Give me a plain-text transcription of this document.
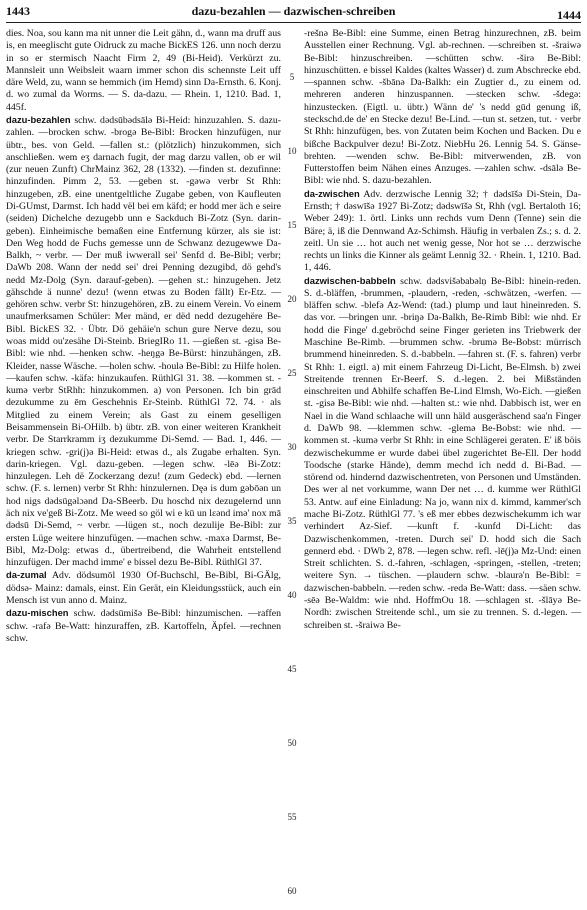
1443	dazu-bezahlen — dazwischen-schreiben	1444

dies. Noa, sou kann ma nit unner die Leit gähn, d., wann ma druff aus is, en meeglischt gute Oidruck zu mache BickES 126. unn noch derzu in so er stermisch Naacht Firm 2, 49 (Bi-Heid). Verkürzt zu. Mannsleit unn Weibsleit waarn immer schon dis schennste Leit uff däre Weld, zu, wann se hemmich (im Hemd) sinn Da-Ernsth. 6. Konj. d. wo zumal da Worms. — S. da-dazu. — Rhein. 1, 1210. Bad. 1, 445f.

dazu-bezahlen schw. dədsūbədsālə Bi-Heid: hinzuzahlen. S. dazu-zahlen. —brocken schw. -brogə Be-Bibl: Brocken hinzufügen, nur übtr., bes. von Geld. —fallen st.: (plötzlich) hinzukommen, sich anschließen. wem eʒ darnach fugit, der mag darzu vallen, ob er wil (zur neuen Zunft) ChrMainz 362, 28 (1332). —finden st. dezufinne: hinzufinden. Pimm 2, 53. —geben st. -gəwə verbr St Rhh: hinzugeben, zB. eine unentgeltliche Zugabe geben, von Kaufleuten Di-GUmst, Darmst. Ich hadd vël bei em käfd; er hodd mer äch e seire (seiden) Dichelche dezugebb unn e Sackduch Bi-Zotz (Syn. darin-geben). Einheimische bemaßen eine Entfernung kürzer, als sie ist: Den Weg hodd de Fuchs gemesse unn de Schwanz dezugewwe Da-Balkh, ~ verbr. — Der muß iwwerall sei' Senfd d. Be-Bibl; verbr; DaWb 208. Wann der nedd sei' drei Penning dezugibd, dö gehd's nedd Mz-Dolg (Syn. darauf-geben). —gehen st.: hinzugehen. Jetz gähschde ä nunne' dezu! (wenn etwas zu Boden fällt) Er-Etz. —gehören schw. verbr St: hinzugehören, zB. zu einem Verein. Vo einem unaufmerksamen Schüler: Mer mänd, er dëd nedd dezugehëre Be-Bibl. BickES 32. · Übtr. Dö gehäie'n schun gure Nerve dezu, sou woas midd ou'zesähe Di-Steinb. BriegIRo 11. —gießen st. -gisə Be-Bibl: wie nhd. —henken schw. -heŋgə Be-Bürst: hinzuhängen, zB. Kleider, nasse Wäsche. —holen schw. -houlə Be-Bibl: zu Hilfe holen. —kaufen schw. -käfə: hinzukaufen. RüthlGl 31. 38. —kommen st. -kumə verbr StRhh: hinzukommen. a) von Personen. Ich bin grād dezukumme zu ēm Geschehnis Er-Steinb. RüthlGl 72. 74. · als Mitglied zu einem Verein; als Gast zu einem geselligen Beisammensein Bi-OHilb. b) übtr. zB. von einer weiteren Krankheit verbr. De Starrkramm iʒ dezukumme Di-Semd. — Bad. 1, 446. —kriegen schw. -gri(j)ə Bi-Heid: etwas d., als Zugabe erhalten. Syn. darin-kriegen. Vgl. dazu-geben. —legen schw. -lēə Bi-Zotz: hinzulegen. Leh dë Zockerzang dezu! (zum Gedeck) ebd. —lernen schw. (F. s. lernen) verbr St Rhh: hinzulernen. Dęə is dum gəbōən un hod nigs dədsūgəlɔənd Da-SBeerb. Du hoschd nix dezugelernd unn äch nix ve'geß Bi-Zotz. Me weed so göl wi e kū un lɛənd imə' nox mā dədsū Di-Semd, ~ verbr. —lügen st., noch dezulije Be-Bibl: zur ersten Lüge weitere hinzufügen. —machen schw. -maxə Darmst, Be-Bibl, Mz-Dolg: etwas d., übertreibend, die Wahrheit entstellend hinzufügen. Der machd imme' e bissel dezu Be-Bibl. RüthlGl 37.

da-zumal Adv. dödsumōl 1930 Of-Buchschl, Be-Bibl, Bi-GÄlg, dödsə- Mainz: damals, einst. Ein Gerät, ein Kleidungsstück, auch ein Mensch ist vun anno d. Mainz.

dazu-mischen schw. dədsūmišə Be-Bibl: hinzumischen. —raffen schw. -rafə Be-Watt: hinzuraffen, zB. Kartoffeln, Äpfel. —rechnen schw.

5
10
15
20
25
30
35
40
45
50
55
60

-rešnə Be-Bibl: eine Summe, einen Betrag hinzurechnen, zB. beim Ausstellen einer Rechnung. Vgl. ab-rechnen. —schreiben st. -šraiwə Be-Bibl: hinzuschreiben. —schütten schw. -širə Be-Bibl: hinzuschütten. e bissel Kaldes (kaltes Wasser) d. zum Abschrecke ebd. —spannen schw. -šbānə Da-Balkh: ein Zugtier d., zu einem od. mehreren anderen hinzuspannen. —stecken schw. -šdegə: hinzustecken. (Eigtl. u. übtr.) Wänn de' 's nedd gūd genung iß, steckschd.de de' en Stecke dezu! Be-Lind. —tun st. setzen, tut. · verbr St Rhh: hinzufügen, bes. von Zutaten beim Kochen und Backen. Du e bißche Backpulver dezu! Bi-Zotz. NiebHu 26. Lennig 54. S. Gänse-brehten. —wenden schw. Be-Bibl: mitverwenden, zB. von Futterstoffen beim Nähen eines Anzuges. —zahlen schw. -dsālə Be-Bibl: wie nhd. S. dazu-bezahlen.

da-zwischen Adv. derzwische Lennig 32; † dədsīšə Di-Stein, Da-Ernsth; † dəswīšə 1927 Bi-Zotz; dədswīšə St, Rhh (vgl. Bertaloth 16; Weber 249): 1. örtl. Links unn rechds vum Denn (Tenne) sein die Bäre; ä, iß die Dennwand Az-Schimsh. Häufig in verbalen Zs.; s. d. 2. zeitl. Un sie … hot auch net wenig gesse, Nor hot se … derzwische rechts un links die Kinner als geämt Lennig 32. · Rhein. 1, 1210. Bad. 1, 446.

dazwischen-babbeln schw. dədsvišəbabəlṇ Be-Bibl: hinein-reden. S. d.-bläffen, -brummen, -plaudern, -reden, -schwätzen, -werfen. —bläffen schw. -blefə Az-Wend: (tad.) plump und laut hineinreden. S. das vor. —bringen unr. -briŋə Da-Balkh, Be-Rimb Bibl: wie nhd. Er hodd die Finge' d.gebröchd seine Finger gerieten ins Triebwerk der Maschine Be-Rimb. —brummen schw. -brumə Be-Bobst: mürrisch brummend hineinreden. S. d.-babbeln. —fahren st. (F. s. fahren) verbr St Rhh: 1. eigtl. a) mit einem Fahrzeug Di-Licht, Be-Elmsh. b) zwei Streitende trennen Er-Beerf. S. d.-legen. 2. bei Mißständen einschreiten und Abhilfe schaffen Be-Lind Elmsh, Wo-Eich. —gießen st. -gisə Be-Bibl: wie nhd. —halten st.: wie nhd. Dabbisch ist, wer en Nael in die Wand schlaache will unn häld ausgeräschend saa'n Finger d. DaWb 98. —klemmen schw. -glemə Be-Bobst: wie nhd. —kommen st. -kumə verbr St Rhh: in eine Schlägerei geraten. E' iß böis dezwischekumme er wurde dabei übel zugerichtet Be-Ell. Der hodd Toodsche (starke Hände), demm mechd ich nedd d. Bi-Bad. — störend od. hindernd dazwischentreten, von Personen und Umständen. Des wer al net vorkumme, wann Der net … d. kumme wer RüthlGl 53. Antw. auf eine Einladung: Na jo, wann nix d. kimmd, kammer'sch mache Bi-Zotz. RüthlGl 77. 's eß mer ebbes dezwischekumm ich war verhindert Az-Sief. —kunft f. -kunfd Di-Licht: das Dazwischenkommen, -treten. Durch sei' D. hodd sich die Sach gennerd ebd. · DWb 2, 878. —legen schw. refl. -lē(j)ə Mz-Und: einen Streit schlichten. S. d.-fahren, -schlagen, -springen, -stellen, -treten; weitere Syn. → tüschen. —plaudern schw. -blaurə'n Be-Bibl: = dazwischen-babbeln. —reden schw. -redə Be-Watt: dass. —säen schw. -sēə Be-Waldm: wie nhd. HoffmOu 18. —schlagen st. -šlāyə Be-Nordh: zwischen Streitende schl., um sie zu trennen. S. d.-legen. —schreiben st. -šraiwə Be-
